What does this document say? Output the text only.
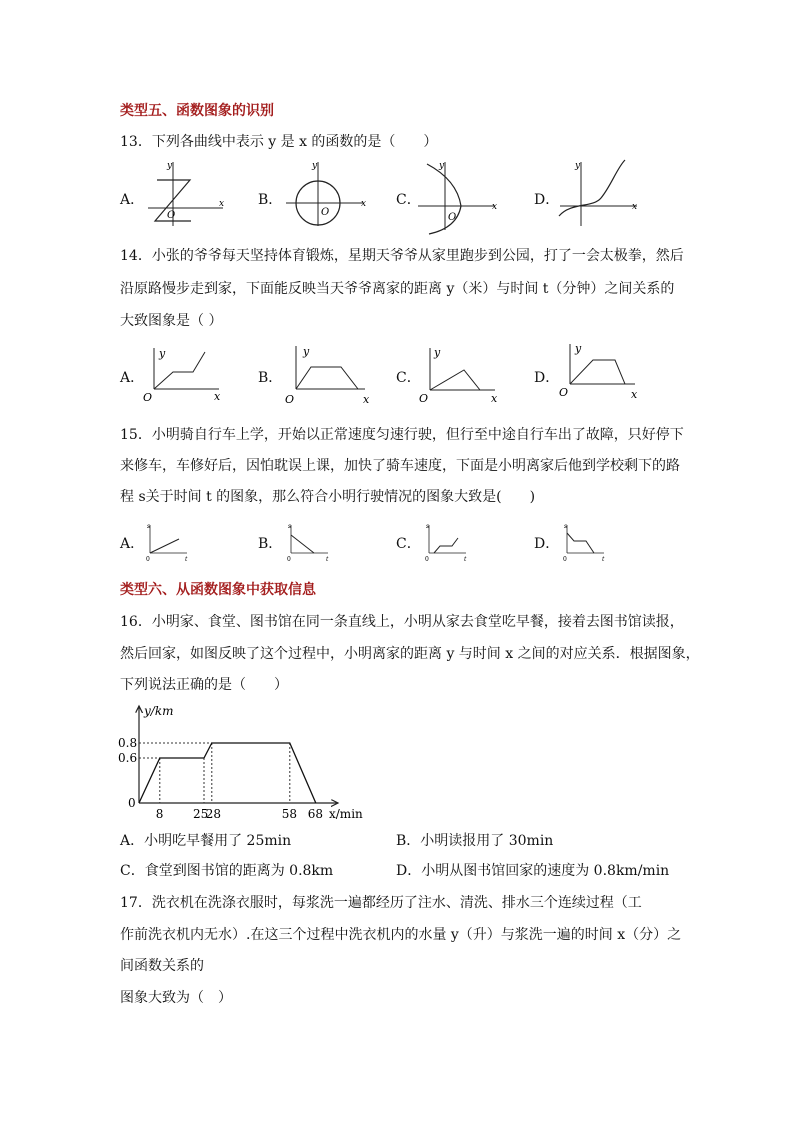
类型五、函数图象的识别
13．下列各曲线中表示 y 是 x 的函数的是（　　）
A．
y
x
O
B．
y
x
O
C．
y
x
O
D．
y
x
14．小张的爷爷每天坚持体育锻炼，星期天爷爷从家里跑步到公园，打了一会太极拳，然后
沿原路慢步走到家，下面能反映当天爷爷离家的距离 y（米）与时间 t（分钟）之间关系的
大致图象是（ ）
A．
y
x
O
B．
y
x
O
C．
y
x
O
D．
y
x
O
15．小明骑自行车上学，开始以正常速度匀速行驶，但行至中途自行车出了故障，只好停下
来修车，车修好后，因怕耽误上课，加快了骑车速度，下面是小明离家后他到学校剩下的路
程 s关于时间 t 的图象，那么符合小明行驶情况的图象大致是(　　)
A．
s
t
0
B．
s
t
0
C．
s
t
0
D．
s
t
0
类型六、从函数图象中获取信息
16．小明家、食堂、图书馆在同一条直线上，小明从家去食堂吃早餐，接着去图书馆读报，
然后回家，如图反映了这个过程中，小明离家的距离 y 与时间 x 之间的对应关系．根据图象，
下列说法正确的是（　　）
0
8 25
28	58 68
0.6
0.8
y/km
x/min
A．小明吃早餐用了 25min	B．小明读报用了 30min
C．食堂到图书馆的距离为 0.8km	D．小明从图书馆回家的速度为 0.8km/min
17．洗衣机在洗涤衣服时，每浆洗一遍都经历了注水、清洗、排水三个连续过程（工
作前洗衣机内无水）.在这三个过程中洗衣机内的水量 y（升）与浆洗一遍的时间 x（分）之
间函数关系的
图象大致为（　）
